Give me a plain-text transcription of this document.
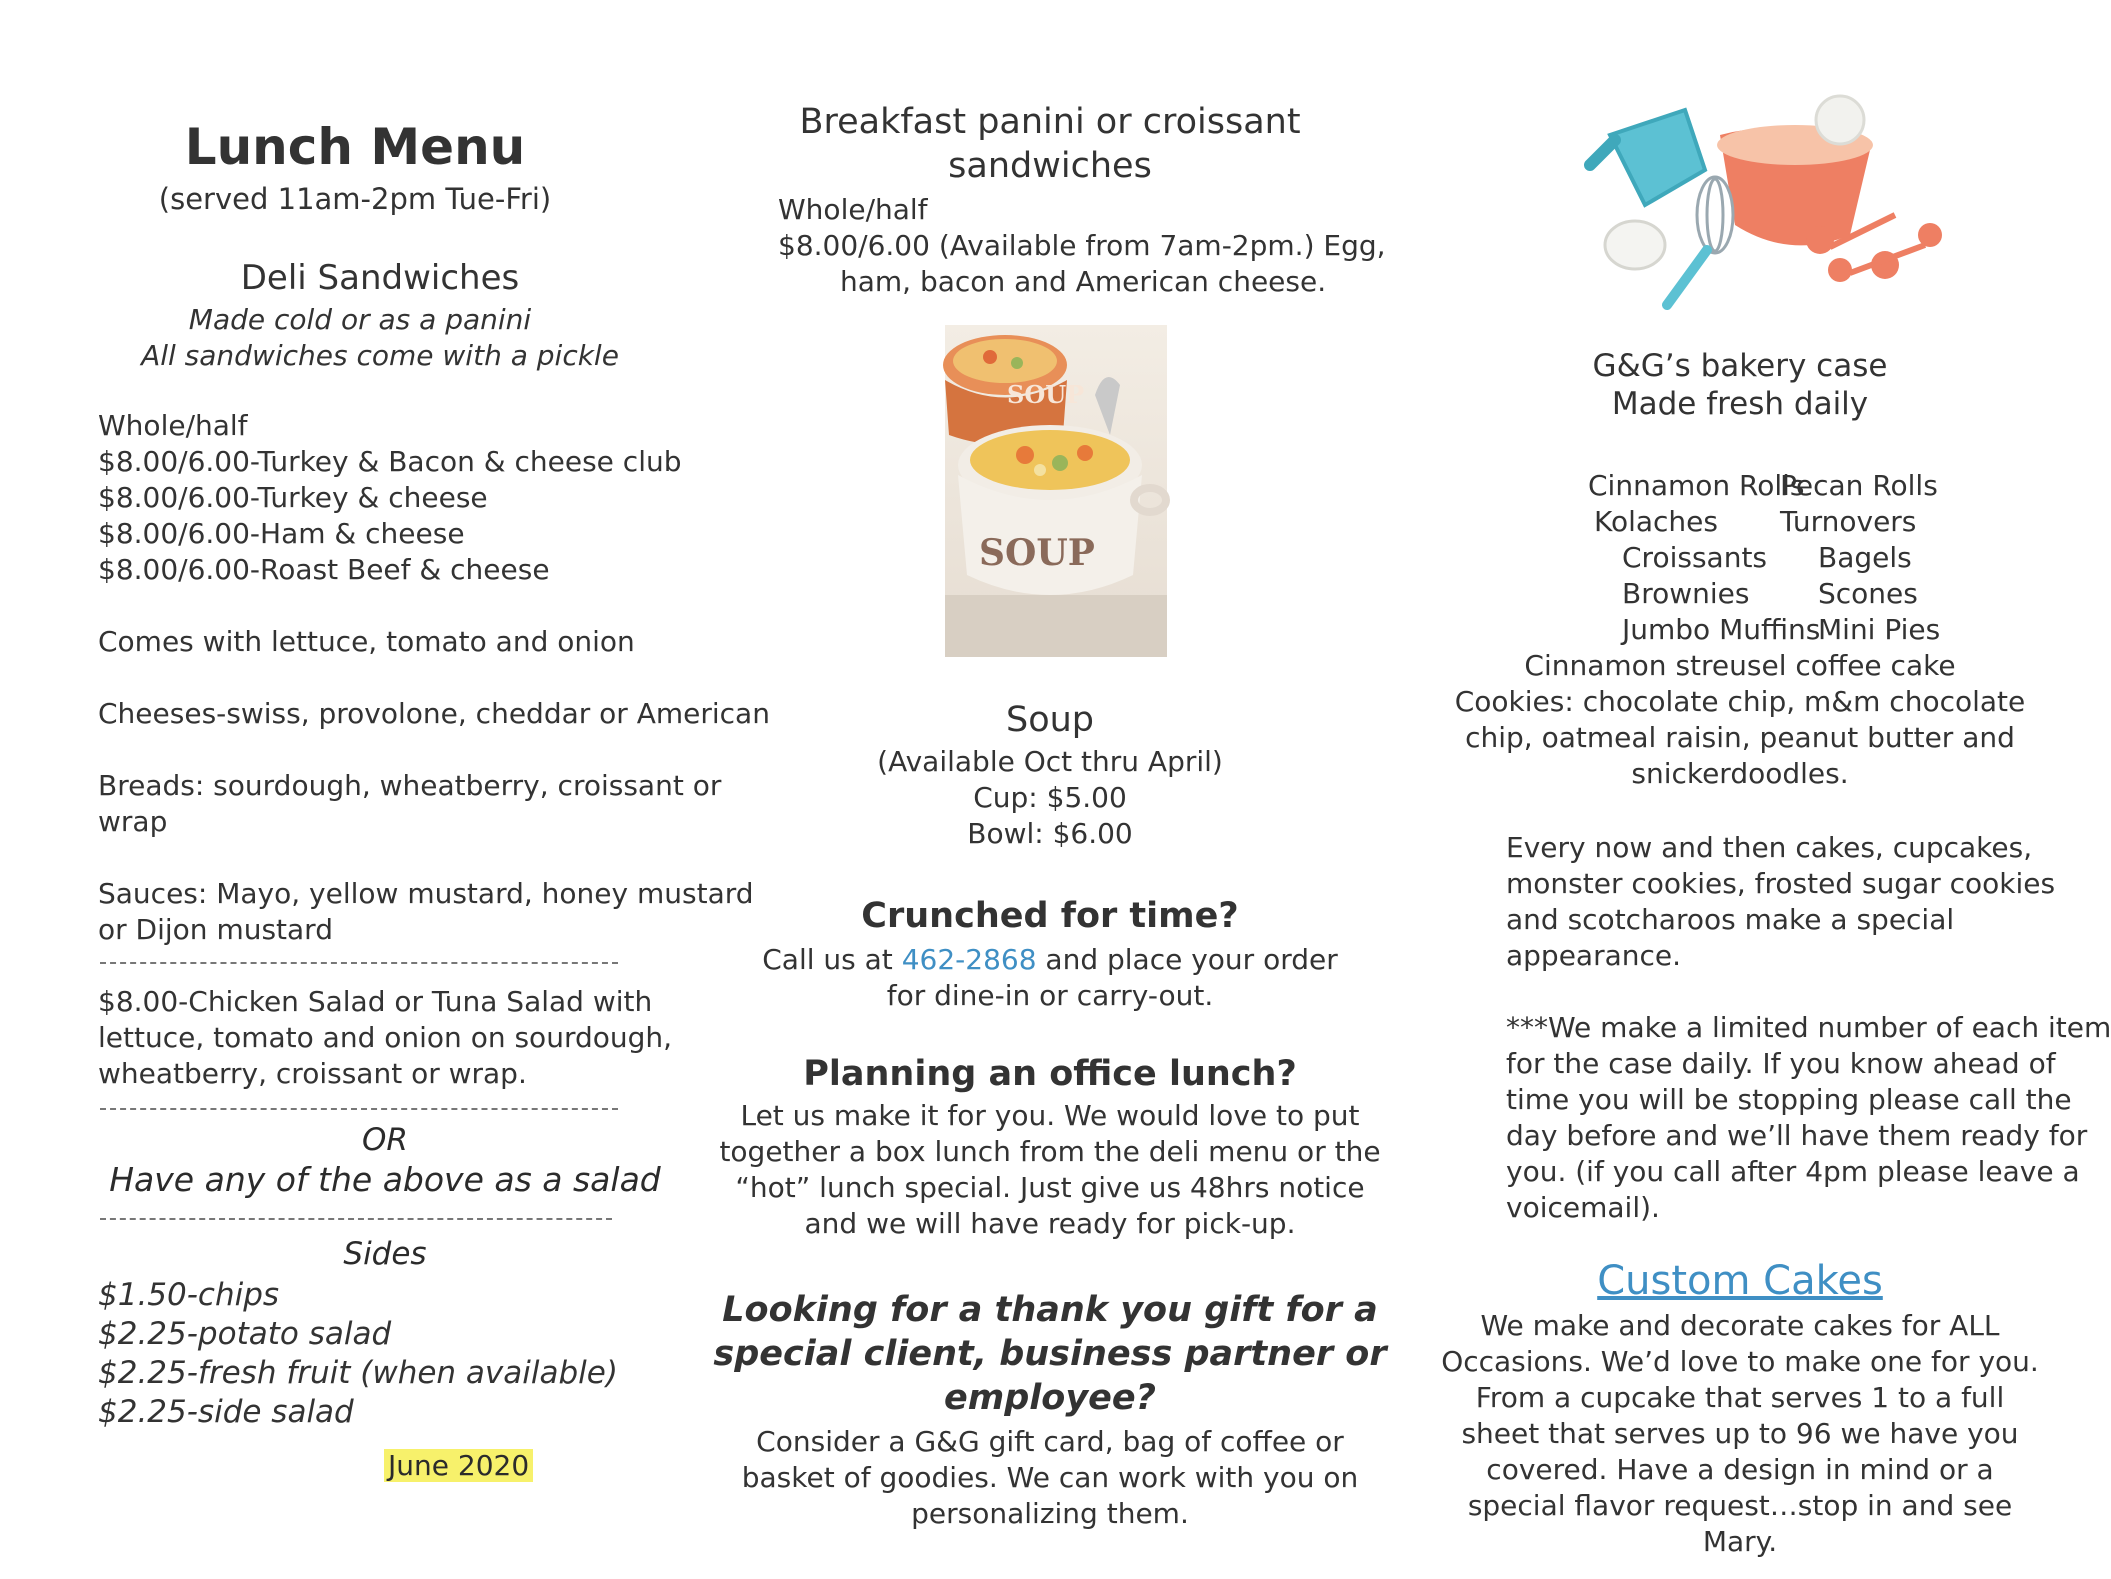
Lunch Menu
(served 11am-2pm Tue-Fri)
Deli Sandwiches
Made cold or as a panini
All sandwiches come with a pickle
Whole/half
$8.00/6.00-Turkey & Bacon & cheese club
$8.00/6.00-Turkey & cheese
$8.00/6.00-Ham & cheese
$8.00/6.00-Roast Beef & cheese
Comes with lettuce, tomato and onion
Cheeses-swiss, provolone, cheddar or American
Breads: sourdough, wheatberry, croissant or
wrap
Sauces: Mayo, yellow mustard, honey mustard
or Dijon mustard
$8.00-Chicken Salad or Tuna Salad with
lettuce, tomato and onion on sourdough,
wheatberry, croissant or wrap.
OR
Have any of the above as a salad
Sides
$1.50-chips
$2.25-potato salad
$2.25-fresh fruit (when available)
$2.25-side salad
June 2020
Breakfast panini or croissant
sandwiches
Whole/half
$8.00/6.00 (Available from 7am-2pm.) Egg,
ham, bacon and American cheese.
SOUP
SOUP
Soup
(Available Oct thru April)
Cup: $5.00
Bowl: $6.00
Crunched for time?
Call us at 462-2868 and place your order
for dine-in or carry-out.
Planning an office lunch?
Let us make it for you. We would love to put
together a box lunch from the deli menu or the
“hot” lunch special. Just give us 48hrs notice
and we will have ready for pick-up.
Looking for a thank you gift for a
special client, business partner or
employee?
Consider a G&G gift card, bag of coffee or
basket of goodies. We can work with you on
personalizing them.
G&G’s bakery case
Made fresh daily
Cinnamon Rolls
Kolaches
Croissants
Brownies
Jumbo Muffins
Pecan Rolls
Turnovers
Bagels
Scones
Mini Pies
Cinnamon streusel coffee cake
Cookies: chocolate chip, m&m chocolate
chip, oatmeal raisin, peanut butter and
snickerdoodles.
Every now and then cakes, cupcakes,
monster cookies, frosted sugar cookies
and scotcharoos make a special
appearance.
***We make a limited number of each item
for the case daily. If you know ahead of
time you will be stopping please call the
day before and we’ll have them ready for
you. (if you call after 4pm please leave a
voicemail).
Custom Cakes
We make and decorate cakes for ALL
Occasions. We’d love to make one for you.
From a cupcake that serves 1 to a full
sheet that serves up to 96 we have you
covered. Have a design in mind or a
special flavor request…stop in and see
Mary.
